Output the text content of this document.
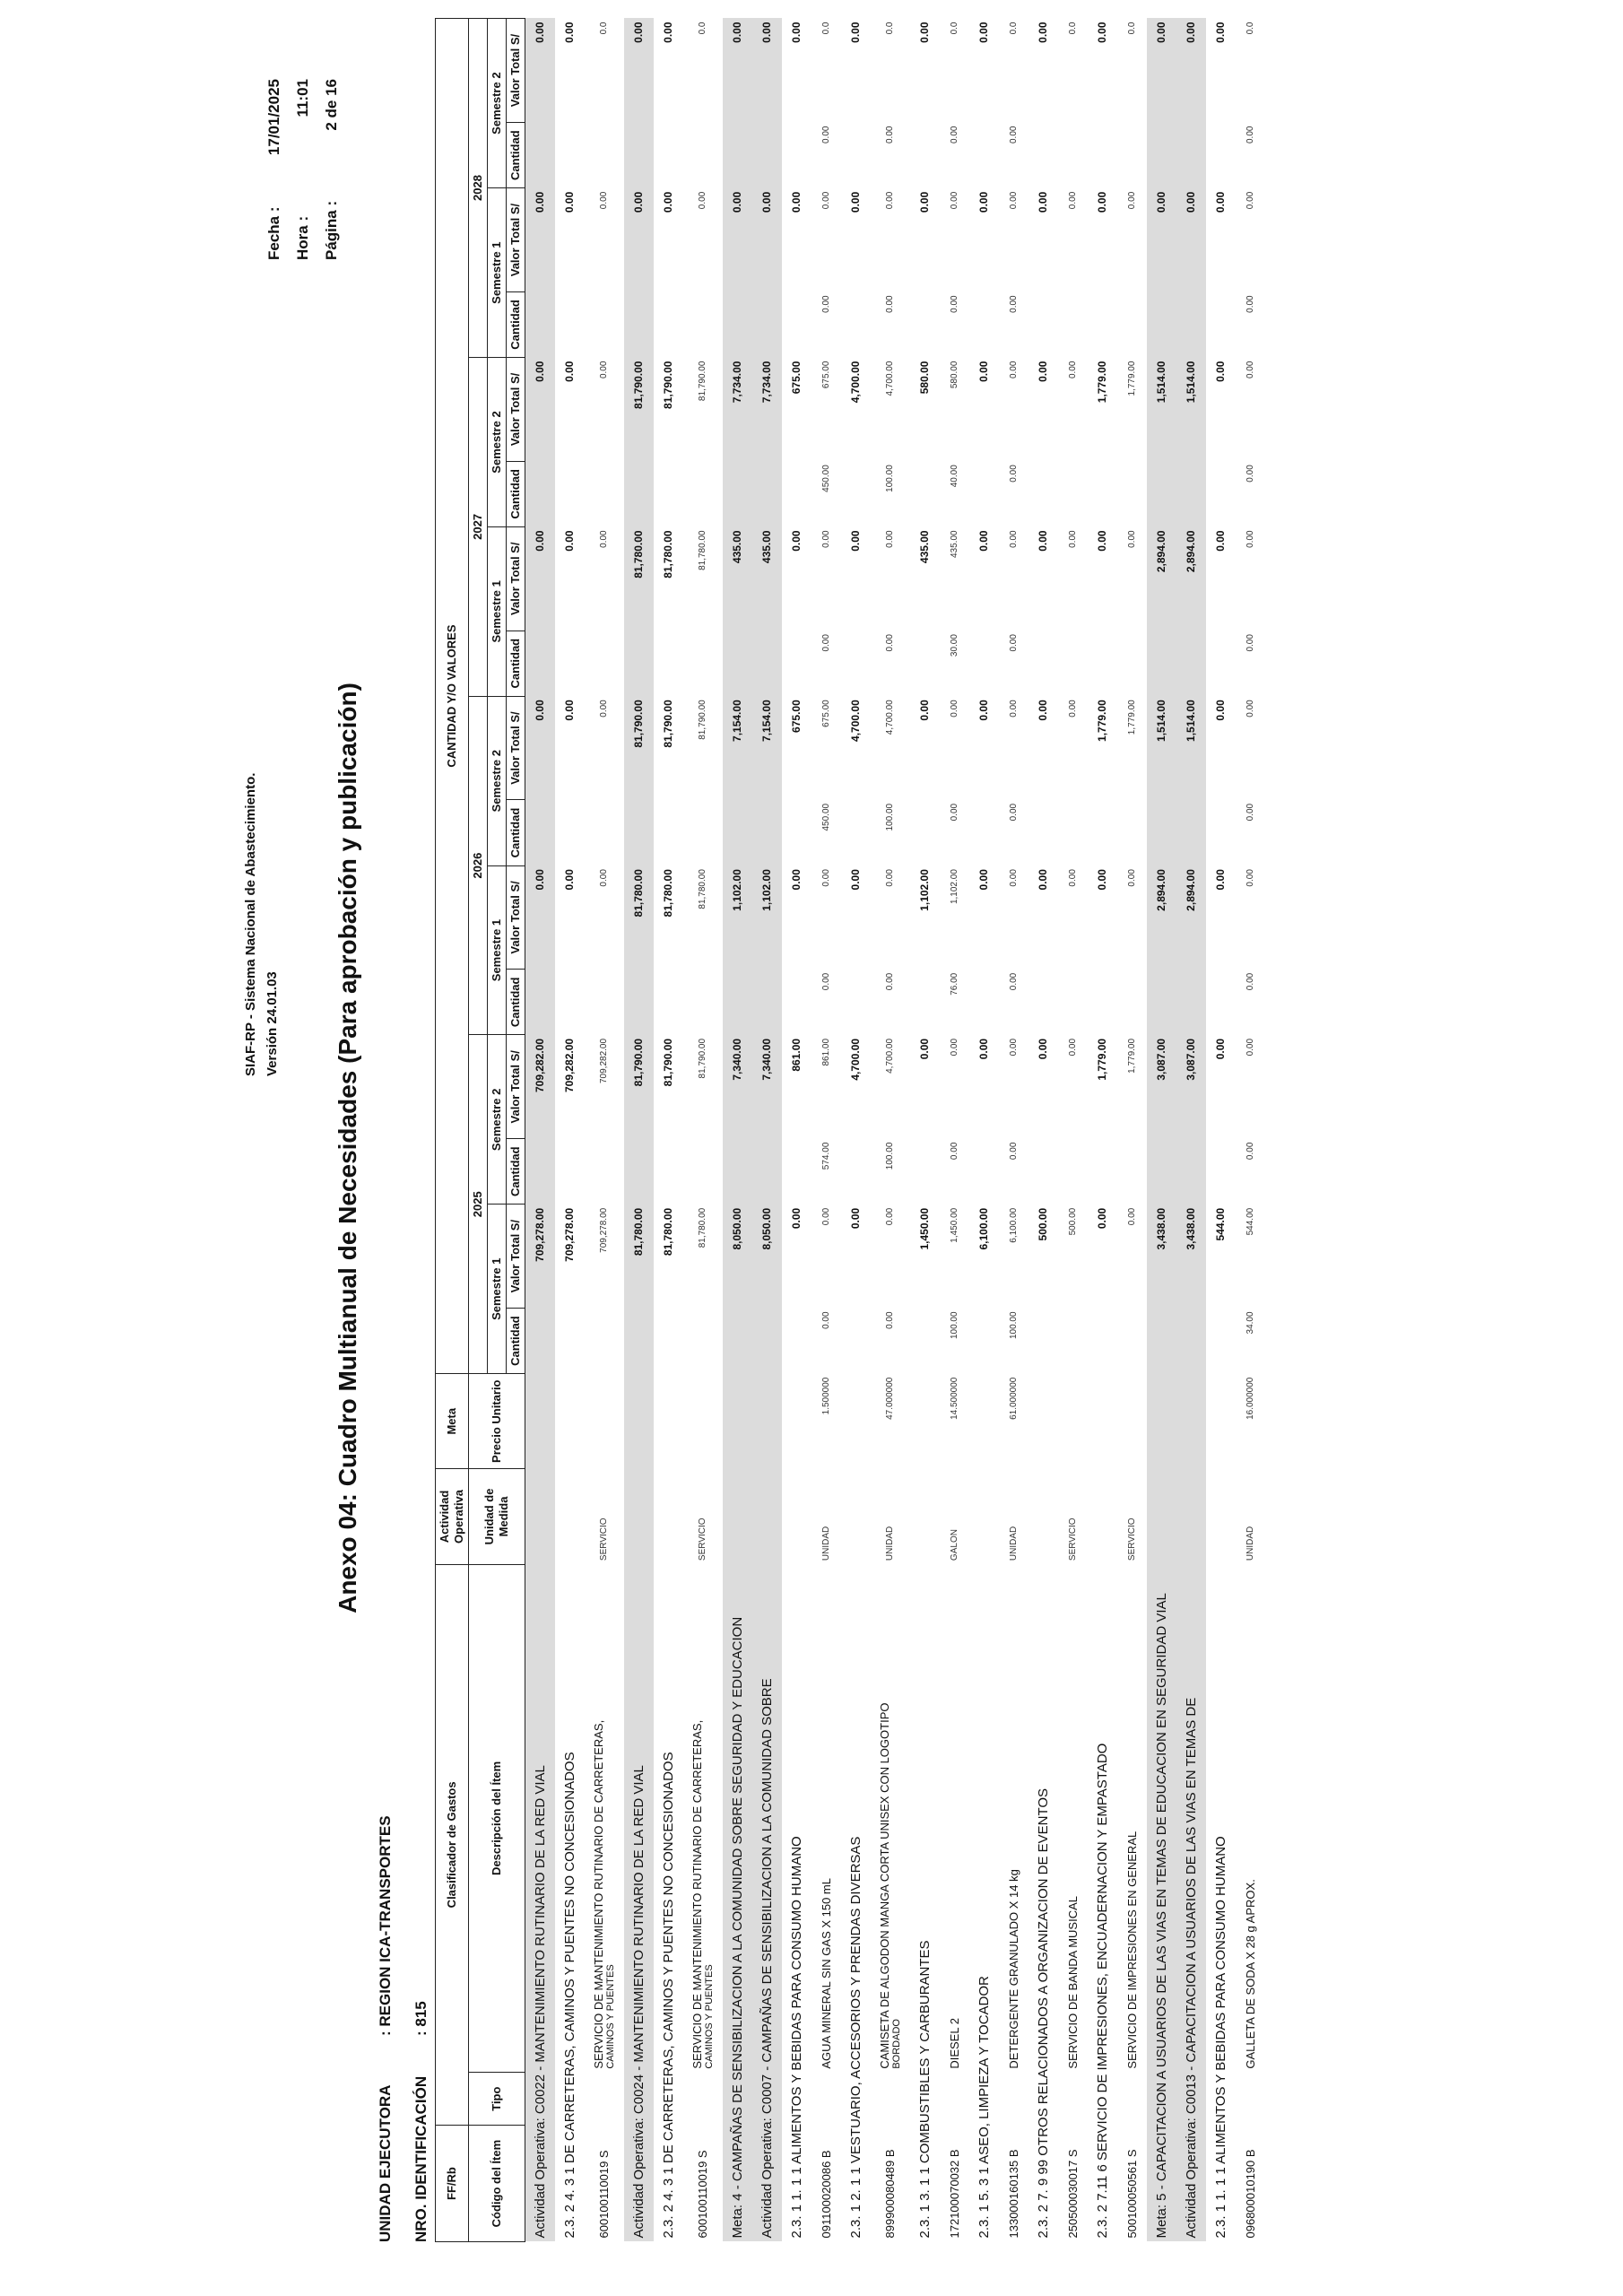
SIAF-RP - Sistema Nacional de Abastecimiento. Versión 24.01.03
Fecha :
17/01/2025
Hora :
11:01
Página :
2 de 16
Anexo 04: Cuadro Multianual de Necesidades (Para aprobación y publicación)
UNIDAD EJECUTORA
: REGION ICA-TRANSPORTES
NRO. IDENTIFICACIÓN
: 815
FF/Rb	Clasificador de Gastos		Actividad Operativa	Meta	CANTIDAD Y/O VALORES															
Código del Ítem	Tipo	Descripción del Ítem	Unidad de Medida	Precio Unitario	2025				2026				2027				2028			
					Semestre 1		Semestre 2		Semestre 1		Semestre 2		Semestre 1		Semestre 2		Semestre 1		Semestre 2	
					Cantidad	Valor Total S/	Cantidad	Valor Total S/	Cantidad	Valor Total S/	Cantidad	Valor Total S/	Cantidad	Valor Total S/	Cantidad	Valor Total S/	Cantidad	Valor Total S/	Cantidad	Valor Total S/
Actividad Operativa: C0022 - MANTENIMIENTO RUTINARIO DE LA RED VIAL						709,278.00		709,282.00		0.00		0.00		0.00		0.00		0.00		0.00
2.3. 2 4. 3 1 DE CARRETERAS, CAMINOS Y PUENTES NO CONCESIONADOS						709,278.00		709,282.00		0.00		0.00		0.00		0.00		0.00		0.00
600100110019 S		SERVICIO DE MANTENIMIENTO RUTINARIO DE CARRETERAS, CAMINOS Y PUENTES	SERVICIO			709,278.00		709,282.00		0.00		0.00		0.00		0.00		0.00		0.0
Actividad Operativa: C0024 - MANTENIMIENTO RUTINARIO DE LA RED VIAL						81,780.00		81,790.00		81,780.00		81,790.00		81,780.00		81,790.00		0.00		0.00
2.3. 2 4. 3 1 DE CARRETERAS, CAMINOS Y PUENTES NO CONCESIONADOS						81,780.00		81,790.00		81,780.00		81,790.00		81,780.00		81,790.00		0.00		0.00
600100110019 S		SERVICIO DE MANTENIMIENTO RUTINARIO DE CARRETERAS, CAMINOS Y PUENTES	SERVICIO			81,780.00		81,790.00		81,780.00		81,790.00		81,780.00		81,790.00		0.00		0.0
Meta: 4 - CAMPAÑAS DE SENSIBILIZACION A LA COMUNIDAD SOBRE SEGURIDAD Y EDUCACION						8,050.00		7,340.00		1,102.00		7,154.00		435.00		7,734.00		0.00		0.00
Actividad Operativa: C0007 - CAMPAÑAS DE SENSIBILIZACION A LA COMUNIDAD SOBRE						8,050.00		7,340.00		1,102.00		7,154.00		435.00		7,734.00		0.00		0.00
2.3. 1 1. 1 1 ALIMENTOS Y BEBIDAS PARA CONSUMO HUMANO						0.00		861.00		0.00		675.00		0.00		675.00		0.00		0.00
091100020086 B		AGUA MINERAL SIN GAS X 150 mL	UNIDAD	1.500000	0.00	0.00	574.00	861.00	0.00	0.00	450.00	675.00	0.00	0.00	450.00	675.00	0.00	0.00	0.00	0.0
2.3. 1 2. 1 1 VESTUARIO, ACCESORIOS Y PRENDAS DIVERSAS						0.00		4,700.00		0.00		4,700.00		0.00		4,700.00		0.00		0.00
899900080489 B		CAMISETA DE ALGODON MANGA CORTA UNISEX CON LOGOTIPO BORDADO	UNIDAD	47.000000	0.00	0.00	100.00	4,700.00	0.00	0.00	100.00	4,700.00	0.00	0.00	100.00	4,700.00	0.00	0.00	0.00	0.0
2.3. 1 3. 1 1 COMBUSTIBLES Y CARBURANTES						1,450.00		0.00		1,102.00		0.00		435.00		580.00		0.00		0.00
172100070032 B		DIESEL 2	GALON	14.500000	100.00	1,450.00	0.00	0.00	76.00	1,102.00	0.00	0.00	30.00	435.00	40.00	580.00	0.00	0.00	0.00	0.0
2.3. 1 5. 3 1 ASEO, LIMPIEZA Y TOCADOR						6,100.00		0.00		0.00		0.00		0.00		0.00		0.00		0.00
133000160135 B		DETERGENTE GRANULADO X 14 kg	UNIDAD	61.000000	100.00	6,100.00	0.00	0.00	0.00	0.00	0.00	0.00	0.00	0.00	0.00	0.00	0.00	0.00	0.00	0.0
2.3. 2 7. 9 99 OTROS RELACIONADOS A ORGANIZACION DE EVENTOS						500.00		0.00		0.00		0.00		0.00		0.00		0.00		0.00
250500030017 S		SERVICIO DE BANDA MUSICAL	SERVICIO			500.00		0.00		0.00		0.00		0.00		0.00		0.00		0.0
2.3. 2 7.11 6 SERVICIO DE IMPRESIONES, ENCUADERNACION Y EMPASTADO						0.00		1,779.00		0.00		1,779.00		0.00		1,779.00		0.00		0.00
500100050561 S		SERVICIO DE IMPRESIONES EN GENERAL	SERVICIO			0.00		1,779.00		0.00		1,779.00		0.00		1,779.00		0.00		0.0
Meta: 5 - CAPACITACION A USUARIOS DE LAS VIAS EN TEMAS DE EDUCACION EN SEGURIDAD VIAL						3,438.00		3,087.00		2,894.00		1,514.00		2,894.00		1,514.00		0.00		0.00
Actividad Operativa: C0013 - CAPACITACION A USUARIOS DE LAS VIAS EN TEMAS DE						3,438.00		3,087.00		2,894.00		1,514.00		2,894.00		1,514.00		0.00		0.00
2.3. 1 1. 1 1 ALIMENTOS Y BEBIDAS PARA CONSUMO HUMANO						544.00		0.00		0.00		0.00		0.00		0.00		0.00		0.00
096800010190 B		GALLETA DE SODA X 28 g APROX.	UNIDAD	16.000000	34.00	544.00	0.00	0.00	0.00	0.00	0.00	0.00	0.00	0.00	0.00	0.00	0.00	0.00	0.00	0.0
